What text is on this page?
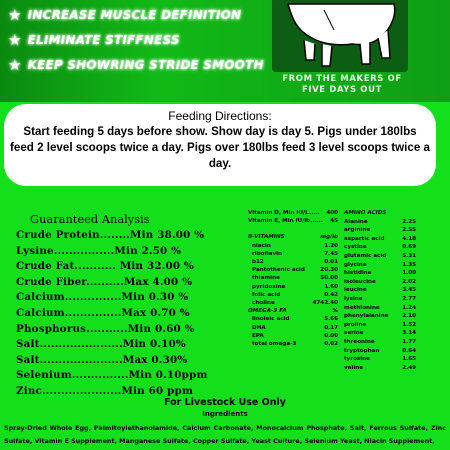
★ INCREASE MUSCLE DEFINITION
★ ELIMINATE STIFFNESS
★ KEEP SHOWRING STRIDE SMOOTH
FROM THE MAKERS OF
FIVE DAYS OUT
Feeding Directions:
Start feeding 5 days before show. Show day is day 5. Pigs under 180lbs feed 2 level scoops twice a day. Pigs over 180lbs feed 3 level scoops twice a day.
Guaranteed Analysis
Crude Protein........Min 38.00 %
Lysine................Min 2.50 %
Crude Fat........... Min 32.00 %
Crude Fiber..........Max 4.00 %
Calcium...............Min 0.30 %
Calcium...............Max 0.70 %
Phosphorus...........Min 0.60 %
Salt......................Min 0.10%
Salt......................Max 0.30%
Selenium...............Min 0.10ppm
Zinc.....................Min 60 ppm
Vitamin D, Min IU/l...... 400
Vitamin E, Min IU/lb...... 45
B-VITAMINS	mg/lb
niacin	1.20
riboflavin	7.45
b12	0.01
Pantothenic acid	20.30
thiamine	50.00
pyridoxine	1.60
folic acid	0.42
choline	4742.40
OMEGA-3 FA	%
linoleic acid	5.66
DHA	0.17
EPA	0.00
total omega-3	0.02
AMINO ACIDS
Alanine	2.25
arginine	2.55
aspartic acid	4.18
cystine	0.69
glutamic acid	5.31
glycine	1.35
histidine	1.00
isoleucine	2.02
leucine	3.45
lysine	2.77
methionine	1.24
phenylalanine 2.10
proline	1.52
serine	3.14
threonine	1.77
tryptophan	0.64
tyrosine	1.65
valine	2.49
For Livestock Use Only
Ingredients
Spray-Dried Whole Egg, Palmitoylethanolamide, Calcium Carbonate, Monocalcium Phosphate, Salt, Ferrous Sulfate, Zinc Sulfate, Vitamin E Supplement, Manganese Sulfate, Copper Sulfate, Yeast Culture, Selenium Yeast, Niacin Supplement,
